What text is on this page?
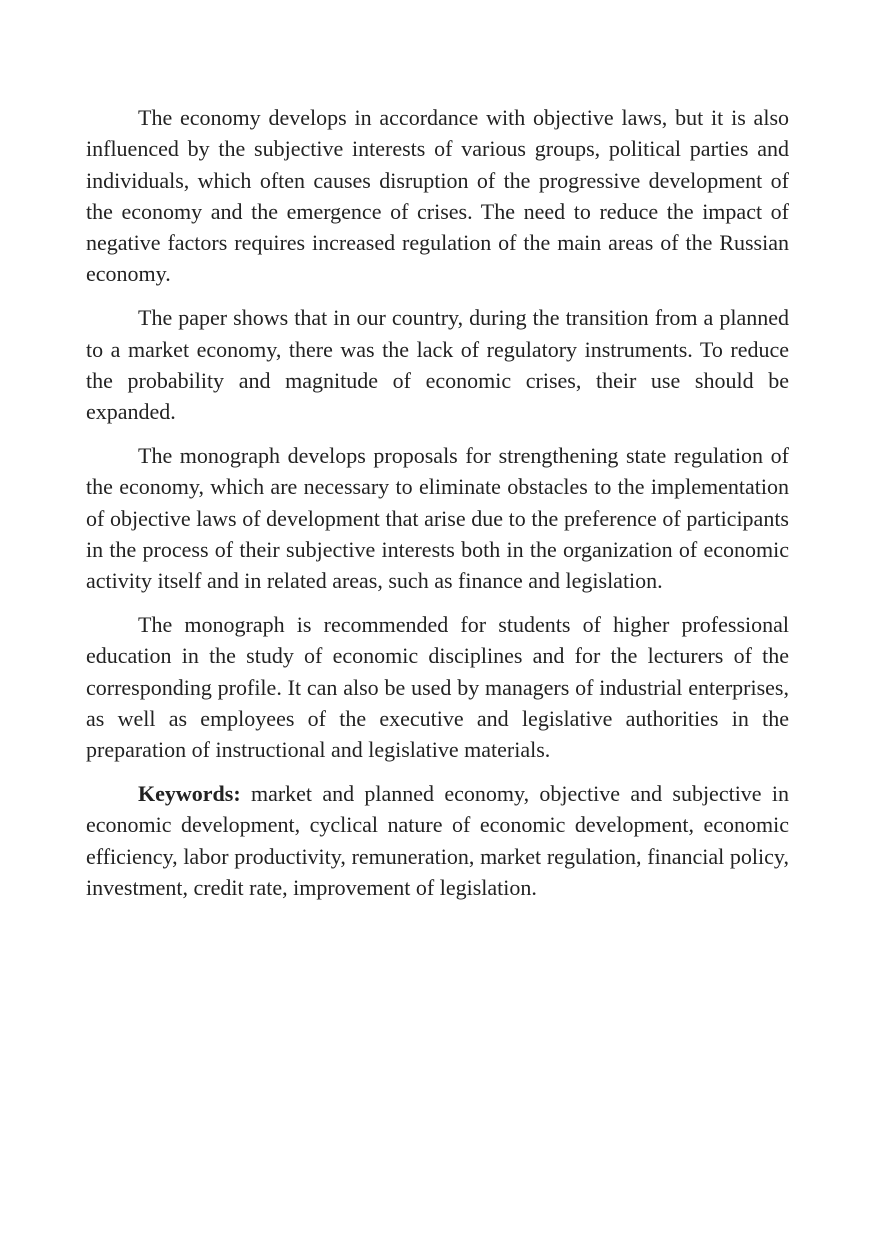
The economy develops in accordance with objective laws, but it is also influenced by the subjective interests of various groups, political parties and individuals, which often causes disruption of the progressive development of the economy and the emergence of crises. The need to reduce the impact of negative factors requires increased regulation of the main areas of the Russian economy.

The paper shows that in our country, during the transition from a planned to a market economy, there was the lack of regulatory instruments. To reduce the probability and magnitude of economic crises, their use should be expanded.

The monograph develops proposals for strengthening state regulation of the economy, which are necessary to eliminate obstacles to the implementation of objective laws of development that arise due to the preference of participants in the process of their subjective interests both in the organization of economic activity itself and in related areas, such as finance and legislation.

The monograph is recommended for students of higher professional education in the study of economic disciplines and for the lecturers of the corresponding profile. It can also be used by managers of industrial enterprises, as well as employees of the executive and legislative authorities in the preparation of instructional and legislative materials.

Keywords: market and planned economy, objective and subjective in economic development, cyclical nature of economic development, economic efficiency, labor productivity, remuneration, market regulation, financial policy, investment, credit rate, improvement of legislation.
